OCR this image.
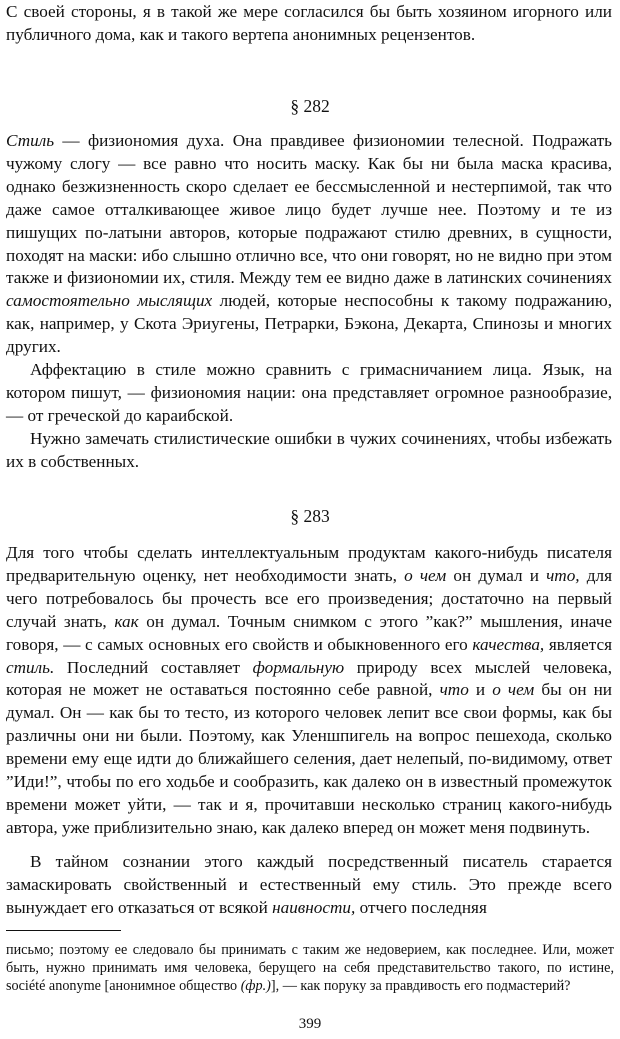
С своей стороны, я в такой же мере согласился бы быть хозяином игорного или публичного дома, как и такого вертепа анонимных рецензентов.

§ 282

Стиль — физиономия духа. Она правдивее физиономии телесной. Подражать чужому слогу — все равно что носить маску. Как бы ни была маска красива, однако безжизненность скоро сделает ее бессмысленной и нестерпимой, так что даже самое отталкивающее живое лицо будет лучше нее. Поэтому и те из пишущих по-латыни авторов, которые подражают стилю древних, в сущности, походят на маски: ибо слышно отлично все, что они говорят, но не видно при этом также и физиономии их, стиля. Между тем ее видно даже в латинских сочинениях самостоятельно мыслящих людей, которые неспособны к такому подражанию, как, например, у Скота Эриугены, Петрарки, Бэкона, Декарта, Спинозы и многих других.

Аффектацию в стиле можно сравнить с гримасничанием лица. Язык, на котором пишут, — физиономия нации: она представляет огромное разнообразие, — от греческой до караибской.

Нужно замечать стилистические ошибки в чужих сочинениях, чтобы избежать их в собственных.

§ 283

Для того чтобы сделать интеллектуальным продуктам какого-нибудь писателя предварительную оценку, нет необходимости знать, о чем он думал и что, для чего потребовалось бы прочесть все его произведения; достаточно на первый случай знать, как он думал. Точным снимком с этого ”как?” мышления, иначе говоря, — с самых основных его свойств и обыкновенного его качества, является стиль. Последний составляет формальную природу всех мыслей человека, которая не может не оставаться постоянно себе равной, что и о чем бы он ни думал. Он — как бы то тесто, из которого человек лепит все свои формы, как бы различны они ни были. Поэтому, как Уленшпигель на вопрос пешехода, сколько времени ему еще идти до ближайшего селения, дает нелепый, по-видимому, ответ ”Иди!”, чтобы по его ходьбе и сообразить, как далеко он в известный промежуток времени может уйти, — так и я, прочитавши несколько страниц какого-нибудь автора, уже приблизительно знаю, как далеко вперед он может меня подвинуть.

В тайном сознании этого каждый посредственный писатель старается замаскировать свойственный и естественный ему стиль. Это прежде всего вынуждает его отказаться от всякой наивности, отчего последняя

письмо; поэтому ее следовало бы принимать с таким же недоверием, как последнее. Или, может быть, нужно принимать имя человека, берущего на себя представительство такого, по истине, société anonyme [анонимное общество (фр.)], — как поруку за правдивость его подмастерий?

399
